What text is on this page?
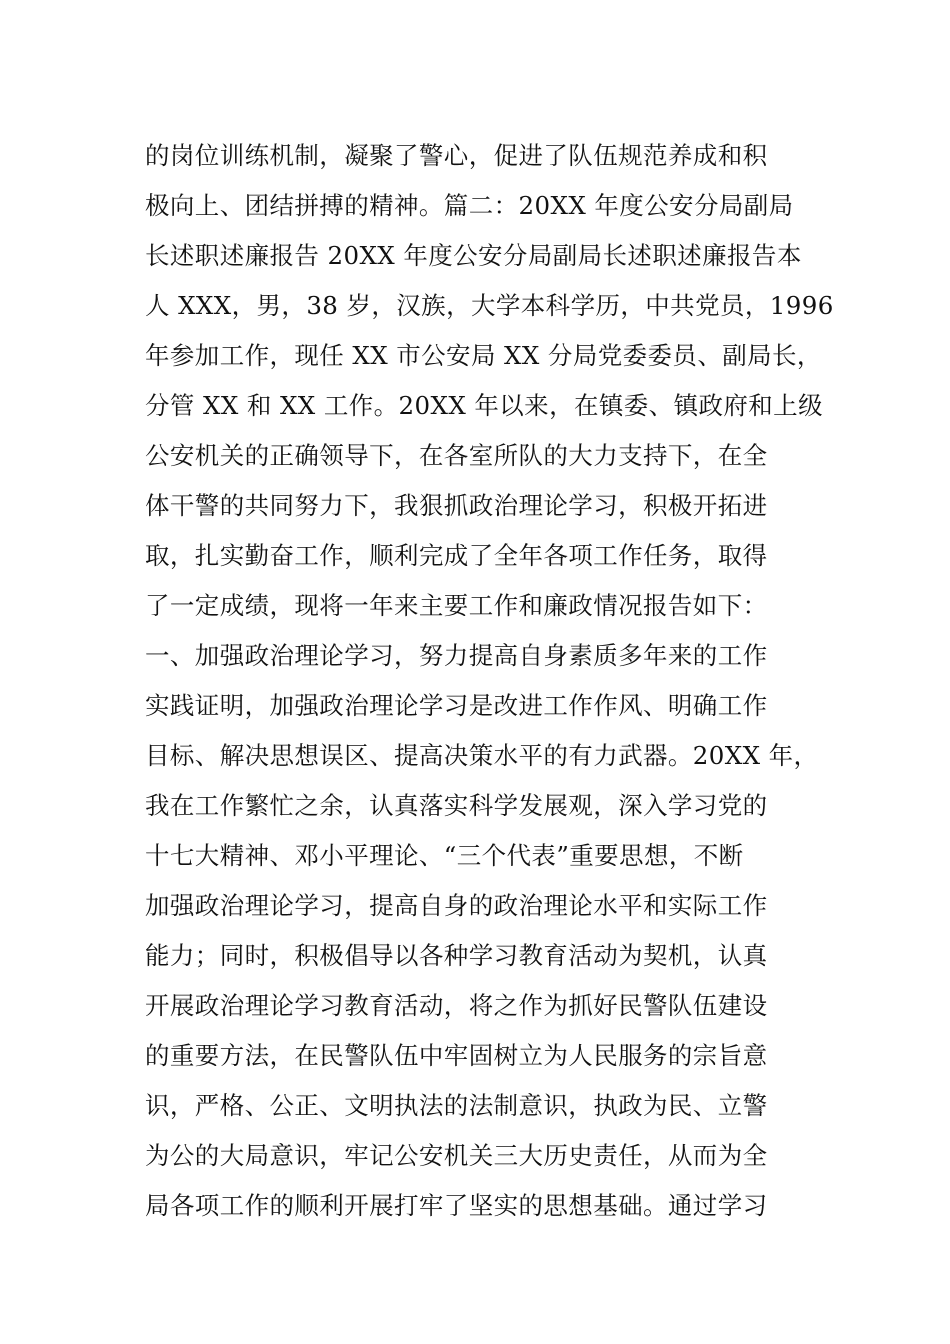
的岗位训练机制，凝聚了警心，促进了队伍规范养成和积
极向上、团结拼搏的精神。篇二：20XX 年度公安分局副局
长述职述廉报告 20XX 年度公安分局副局长述职述廉报告本
人 XXX，男，38 岁，汉族，大学本科学历，中共党员，1996
年参加工作，现任 XX 市公安局 XX 分局党委委员、副局长，
分管 XX 和 XX 工作。20XX 年以来，在镇委、镇政府和上级
公安机关的正确领导下，在各室所队的大力支持下，在全
体干警的共同努力下，我狠抓政治理论学习，积极开拓进
取，扎实勤奋工作，顺利完成了全年各项工作任务，取得
了一定成绩，现将一年来主要工作和廉政情况报告如下：
一、加强政治理论学习，努力提高自身素质多年来的工作
实践证明，加强政治理论学习是改进工作作风、明确工作
目标、解决思想误区、提高决策水平的有力武器。20XX 年，
我在工作繁忙之余，认真落实科学发展观，深入学习党的
十七大精神、邓小平理论、“三个代表”重要思想，不断
加强政治理论学习，提高自身的政治理论水平和实际工作
能力；同时，积极倡导以各种学习教育活动为契机，认真
开展政治理论学习教育活动，将之作为抓好民警队伍建设
的重要方法，在民警队伍中牢固树立为人民服务的宗旨意
识，严格、公正、文明执法的法制意识，执政为民、立警
为公的大局意识，牢记公安机关三大历史责任，从而为全
局各项工作的顺利开展打牢了坚实的思想基础。通过学习
